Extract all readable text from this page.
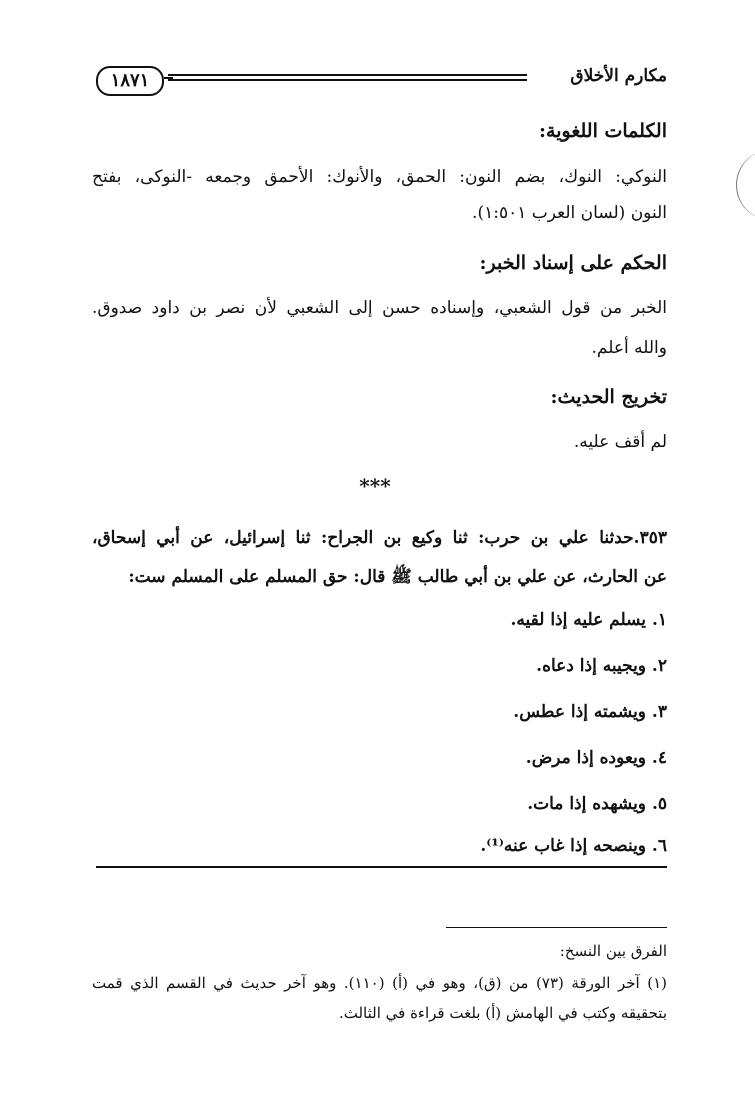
مكارم الأخلاق
١٨٧١
الكلمات اللغوية:
النوكي: النوك، بضم النون: الحمق، والأنوك: الأحمق وجمعه -النوكى، بفتح
النون (لسان العرب ١:٥٠١).
الحكم على إسناد الخبر:
الخبر من قول الشعبي، وإسناده حسن إلى الشعبي لأن نصر بن داود صدوق.
والله أعلم.
تخريج الحديث:
لم أقف عليه.
***
٣٥٣.حدثنا علي بن حرب: ثنا وكيع بن الجراح: ثنا إسرائيل، عن أبي إسحاق،
عن الحارث، عن علي بن أبي طالب ﷺ قال: حق المسلم على المسلم ست:
١. يسلم عليه إذا لقيه.
٢. ويجيبه إذا دعاه.
٣. ويشمته إذا عطس.
٤. ويعوده إذا مرض.
٥. ويشهده إذا مات.
٦. وينصحه إذا غاب عنه⁽¹⁾.
الفرق بين النسخ:
(١) آخر الورقة (٧٣) من (ق)، وهو في (أ) (١١٠). وهو آخر حديث في القسم الذي قمت
بتحقيقه وكتب في الهامش (أ) بلغت قراءة في الثالث.
